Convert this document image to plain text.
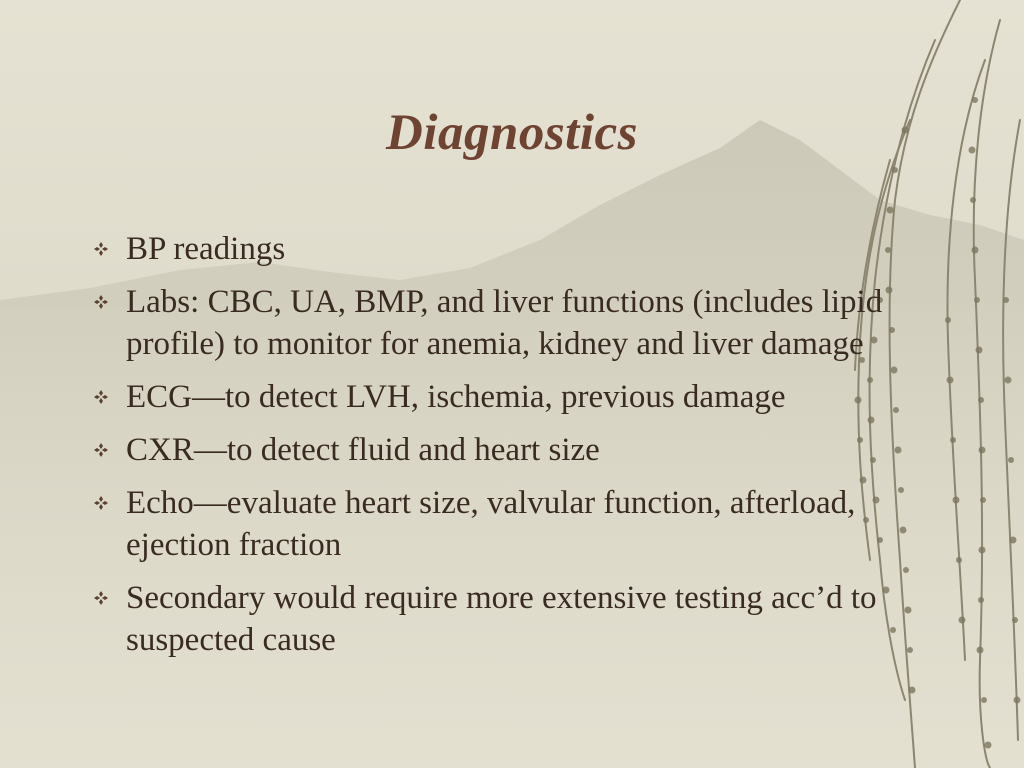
Diagnostics
BP readings
Labs: CBC, UA, BMP, and liver functions (includes lipid profile) to monitor for anemia, kidney and liver damage
ECG—to detect LVH, ischemia, previous damage
CXR—to detect fluid and heart size
Echo—evaluate heart size, valvular function, afterload, ejection fraction
Secondary would require more extensive testing acc’d to suspected cause
